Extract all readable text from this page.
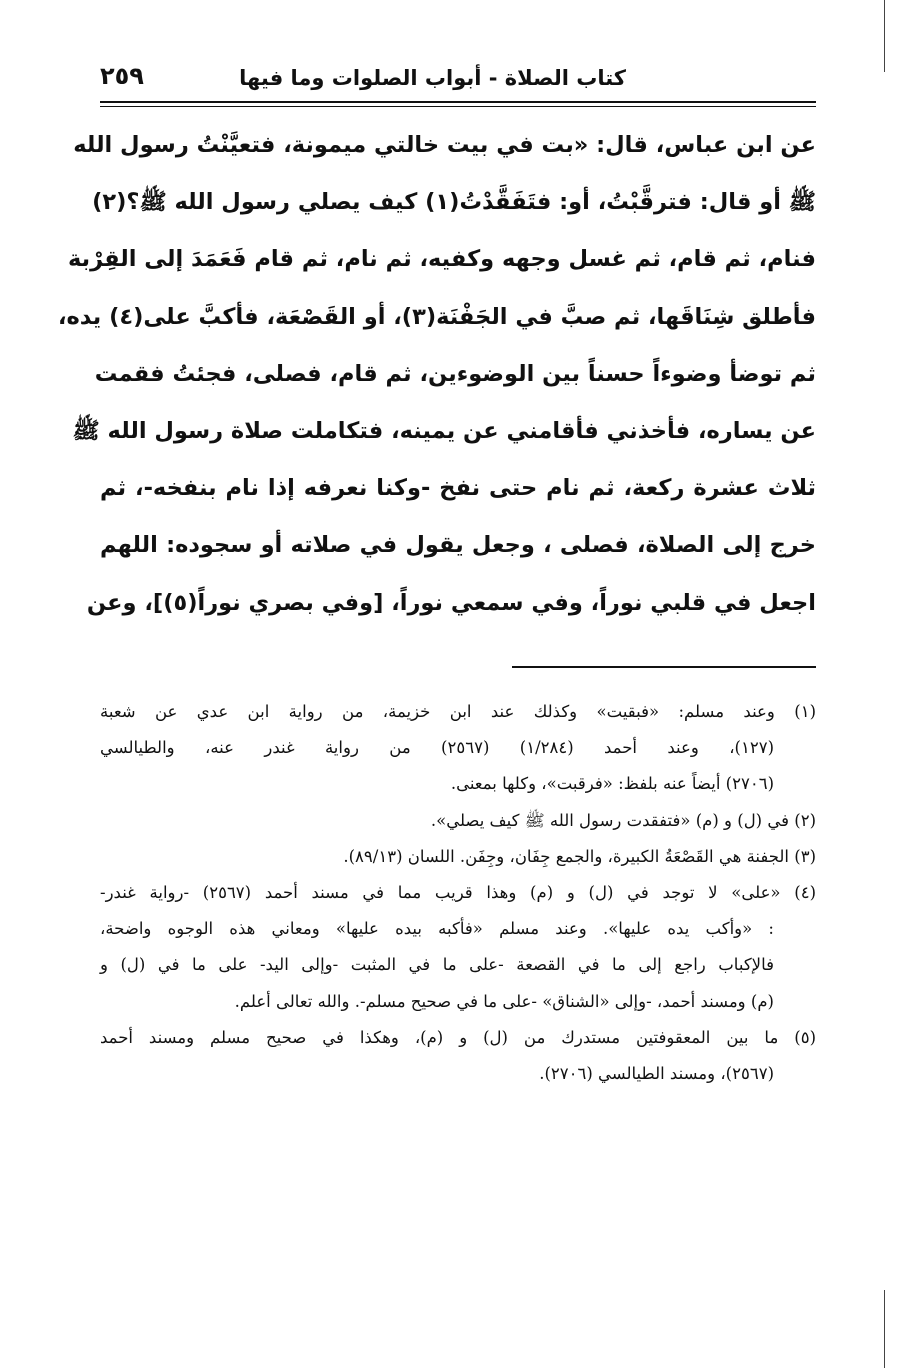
كتاب الصلاة - أبواب الصلوات وما فيها
٢٥٩
عن ابن عباس، قال: «بت في بيت خالتي ميمونة، فتعيَّنْتُ رسول الله
ﷺ أو قال: فترقَّبْتُ، أو: فتَفَقَّدْتُ(١) كيف يصلي رسول الله ﷺ؟(٢)
فنام، ثم قام، ثم غسل وجهه وكفيه، ثم نام، ثم قام فَعَمَدَ إلى القِرْبة
فأطلق شِنَاقَها، ثم صبَّ في الجَفْنَة(٣)، أو القَصْعَة، فأكبَّ على(٤) يده،
ثم توضأ وضوءاً حسناً بين الوضوءين، ثم قام، فصلى، فجئتُ فقمت
عن يساره، فأخذني فأقامني عن يمينه، فتكاملت صلاة رسول الله ﷺ
ثلاث عشرة ركعة، ثم نام حتى نفخ -وكنا نعرفه إذا نام بنفخه-، ثم
خرج إلى الصلاة، فصلى ، وجعل يقول في صلاته أو سجوده: اللهم
اجعل في قلبي نوراً، وفي سمعي نوراً، [وفي بصري نوراً(٥)]، وعن
(١) وعند مسلم: «فبقيت» وكذلك عند ابن خزيمة، من رواية ابن عدي عن شعبة
(١٢٧)، وعند أحمد (١/٢٨٤) (٢٥٦٧) من رواية غندر عنه، والطيالسي
(٢٧٠٦) أيضاً عنه بلفظ: «فرقبت»، وكلها بمعنى.
(٢) في (ل) و (م) «فتفقدت رسول الله ﷺ كيف يصلي».
(٣) الجفنة هي القَصْعَةُ الكبيرة، والجمع جِفَان، وجِفَن. اللسان (٨٩/١٣).
(٤) «على» لا توجد في (ل) و (م) وهذا قريب مما في مسند أحمد (٢٥٦٧) -رواية غندر-
: «وأكب يده عليها». وعند مسلم «فأكبه بيده عليها» ومعاني هذه الوجوه واضحة،
فالإكباب راجع إلى ما في القصعة -على ما في المثبت -وإلى اليد- على ما في (ل) و
(م) ومسند أحمد، -وإلى «الشناق» -على ما في صحيح مسلم-. والله تعالى أعلم.
(٥) ما بين المعقوفتين مستدرك من (ل) و (م)، وهكذا في صحيح مسلم ومسند أحمد
(٢٥٦٧)، ومسند الطيالسي (٢٧٠٦).
